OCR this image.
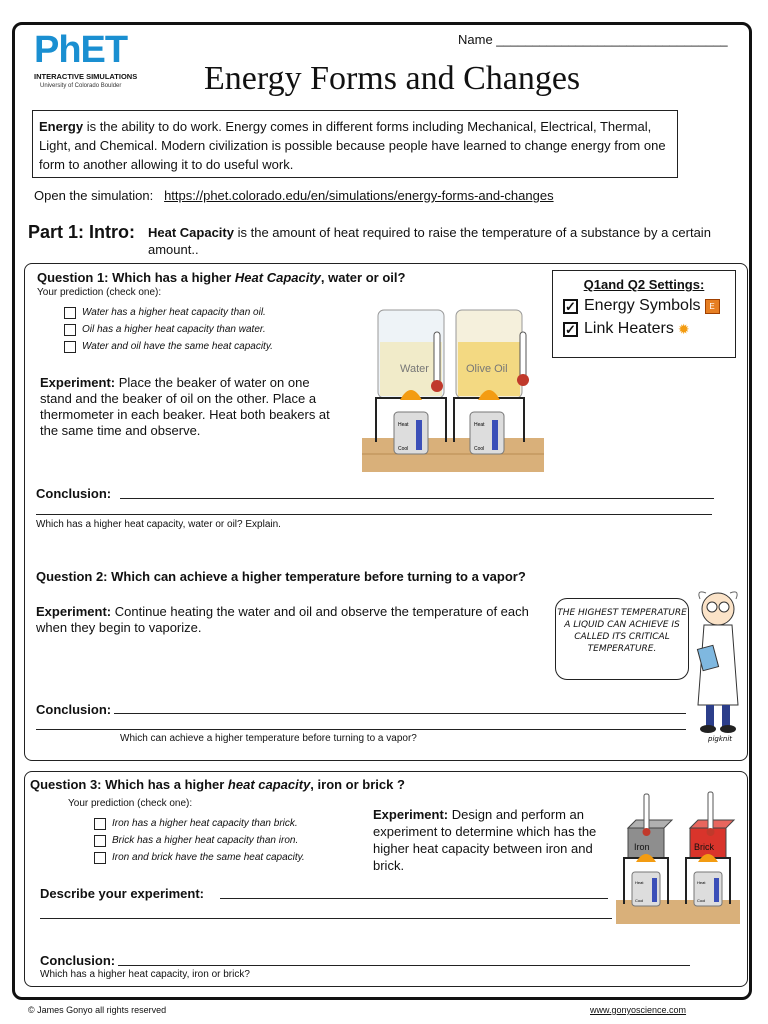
PhET
INTERACTIVE SIMULATIONS
University of Colorado Boulder
Name ________________________________
Energy Forms and Changes
Energy is the ability to do work. Energy comes in different forms including Mechanical, Electrical, Thermal, Light, and Chemical. Modern civilization is possible because people have learned to change energy from one form to another allowing it to do useful work.
Open the simulation: https://phet.colorado.edu/en/simulations/energy-forms-and-changes
Part 1: Intro: Heat Capacity is the amount of heat required to raise the temperature of a substance by a certain amount..
Question 1: Which has a higher Heat Capacity, water or oil?
Your prediction (check one):
Water has a higher heat capacity than oil.
Oil has a higher heat capacity than water.
Water and oil have the same heat capacity.
Experiment: Place the beaker of water on one stand and the beaker of oil on the other. Place a thermometer in each beaker. Heat both beakers at the same time and observe.
Water	Olive Oil
Heat
Cool
Heat
Cool
Q1and Q2 Settings:
✓ Energy Symbols	E
✓ Link Heaters ✹
Conclusion:
Which has a higher heat capacity, water or oil? Explain.
Question 2: Which can achieve a higher temperature before turning to a vapor?
Experiment: Continue heating the water and oil and observe the temperature of each when they begin to vaporize.
THE HIGHEST TEMPERATURE A LIQUID CAN ACHIEVE IS CALLED ITS CRITICAL TEMPERATURE.
pigknit
Conclusion:
Which can achieve a higher temperature before turning to a vapor?
Question 3: Which has a higher heat capacity, iron or brick ?
Your prediction (check one):
Iron has a higher heat capacity than brick.
Brick has a higher heat capacity than iron.
Iron and brick have the same heat capacity.
Experiment: Design and perform an experiment to determine which has the higher heat capacity between iron and brick.
Iron	Brick
Heat
Cool
Heat
Cool
Describe your experiment:
Conclusion:
Which has a higher heat capacity, iron or brick?
© James Gonyo all rights reserved	www.gonyoscience.com
